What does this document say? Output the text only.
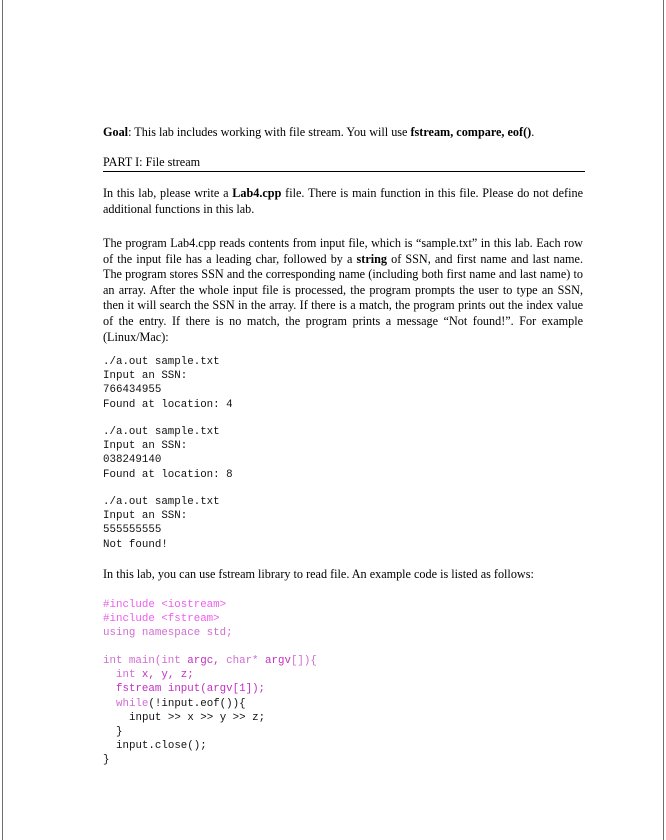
Goal: This lab includes working with file stream. You will use fstream, compare, eof().
PART I: File stream
In this lab, please write a Lab4.cpp file. There is main function in this file. Please do not define additional functions in this lab.
The program Lab4.cpp reads contents from input file, which is “sample.txt” in this lab. Each row of the input file has a leading char, followed by a string of SSN, and first name and last name. The program stores SSN and the corresponding name (including both first name and last name) to an array. After the whole input file is processed, the program prompts the user to type an SSN, then it will search the SSN in the array. If there is a match, the program prints out the index value of the entry. If there is no match, the program prints a message “Not found!”. For example (Linux/Mac):
./a.out sample.txt
Input an SSN:
766434955
Found at location: 4
./a.out sample.txt
Input an SSN:
038249140
Found at location: 8
./a.out sample.txt
Input an SSN:
555555555
Not found!
In this lab, you can use fstream library to read file. An example code is listed as follows:
#include <iostream>
#include <fstream>
using namespace std;
int main(int argc, char* argv[]){
int x, y, z;
fstream input(argv[1]);
while(!input.eof()){
input >> x >> y >> z;
}
input.close();
}
